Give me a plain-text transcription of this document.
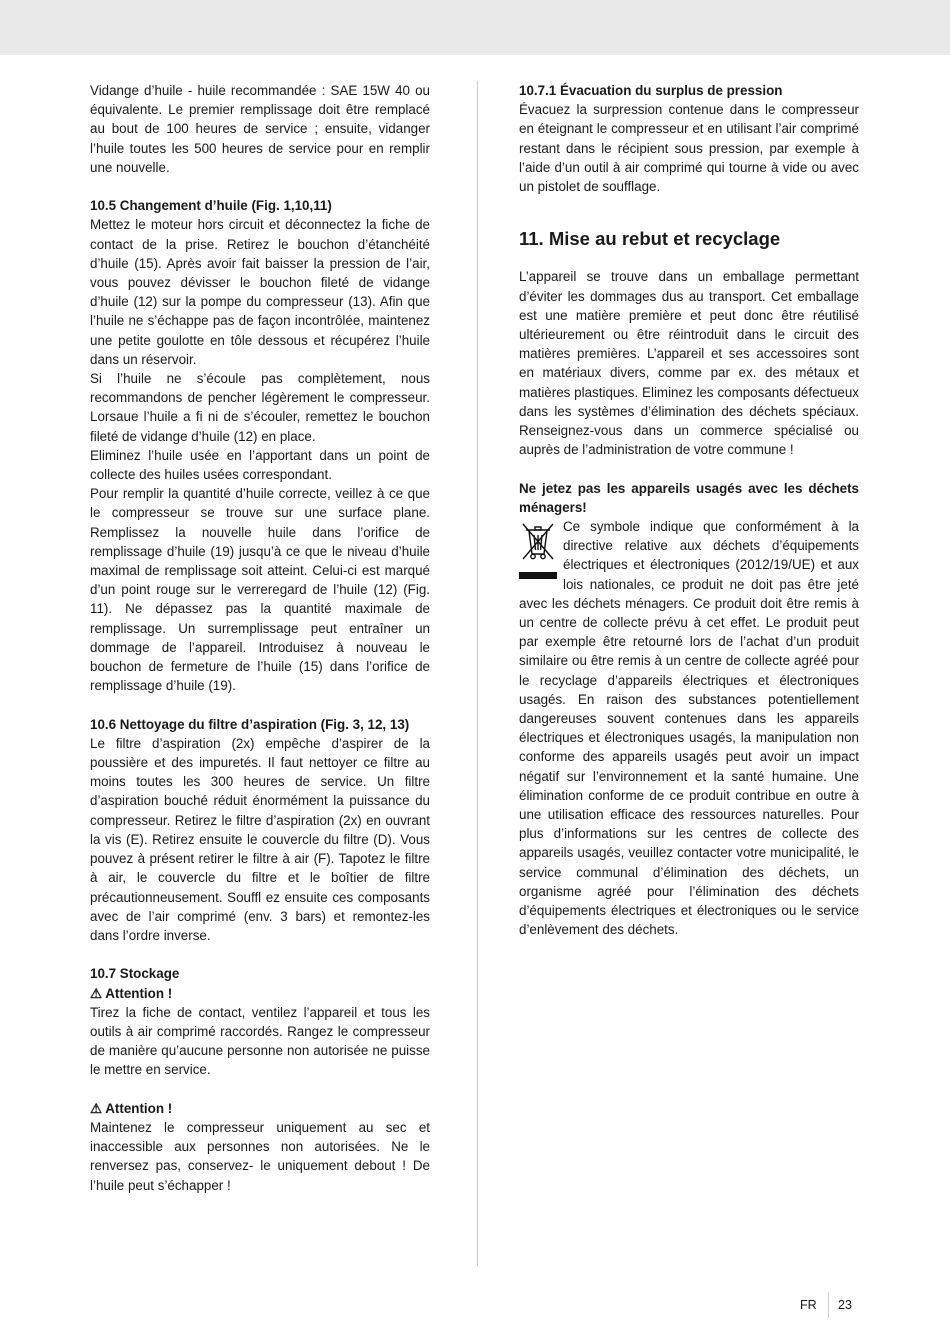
Vidange d’huile - huile recommandée : SAE 15W 40 ou équivalente. Le premier remplissage doit être remplacé au bout de 100 heures de service ; ensuite, vidanger l’huile toutes les 500 heures de service pour en remplir une nouvelle.

10.5 Changement d’huile (Fig. 1,10,11)

Mettez le moteur hors circuit et déconnectez la fiche de contact de la prise. Retirez le bouchon d’étanchéité d’huile (15). Après avoir fait baisser la pression de l’air, vous pouvez dévisser le bouchon fileté de vidange d’huile (12) sur la pompe du compresseur (13). Afin que l’huile ne s’échappe pas de façon incontrôlée, maintenez une petite goulotte en tôle dessous et récupérez l’huile dans un réservoir.

Si l’huile ne s’écoule pas complètement, nous recommandons de pencher légèrement le compresseur. Lorsaue l’huile a fi ni de s’écouler, remettez le bouchon fileté de vidange d’huile (12) en place.

Eliminez l’huile usée en l’apportant dans un point de collecte des huiles usées correspondant.

Pour remplir la quantité d’huile correcte, veillez à ce que le compresseur se trouve sur une surface plane. Remplissez la nouvelle huile dans l’orifice de remplissage d’huile (19) jusqu’à ce que le niveau d’huile maximal de remplissage soit atteint. Celui-ci est marqué d’un point rouge sur le verreregard de l’huile (12) (Fig. 11). Ne dépassez pas la quantité maximale de remplissage. Un surremplissage peut entraîner un dommage de l’appareil. Introduisez à nouveau le bouchon de fermeture de l’huile (15) dans l’orifice de remplissage d’huile (19).

10.6 Nettoyage du filtre d’aspiration (Fig. 3, 12, 13)

Le filtre d’aspiration (2x) empêche d’aspirer de la poussière et des impuretés. Il faut nettoyer ce filtre au moins toutes les 300 heures de service. Un filtre d’aspiration bouché réduit énormément la puissance du compresseur. Retirez le filtre d’aspiration (2x) en ouvrant la vis (E). Retirez ensuite le couvercle du filtre (D). Vous pouvez à présent retirer le filtre à air (F). Tapotez le filtre à air, le couvercle du filtre et le boîtier de filtre précautionneusement. Souffl ez ensuite ces composants avec de l’air comprimé (env. 3 bars) et remontez-les dans l’ordre inverse.

10.7 Stockage

⚠ Attention !

Tirez la fiche de contact, ventilez l’appareil et tous les outils à air comprimé raccordés. Rangez le compresseur de manière qu’aucune personne non autorisée ne puisse le mettre en service.

⚠ Attention !

Maintenez le compresseur uniquement au sec et inaccessible aux personnes non autorisées. Ne le renversez pas, conservez- le uniquement debout ! De l’huile peut s’échapper !

10.7.1 Évacuation du surplus de pression

Évacuez la surpression contenue dans le compresseur en éteignant le compresseur et en utilisant l’air comprimé restant dans le récipient sous pression, par exemple à l’aide d’un outil à air comprimé qui tourne à vide ou avec un pistolet de soufflage.

11. Mise au rebut et recyclage

L’appareil se trouve dans un emballage permettant d’éviter les dommages dus au transport. Cet emballage est une matière première et peut donc être réutilisé ultérieurement ou être réintroduit dans le circuit des matières premières. L’appareil et ses accessoires sont en matériaux divers, comme par ex. des métaux et matières plastiques. Eliminez les composants défectueux dans les systèmes d’élimination des déchets spéciaux. Renseignez-vous dans un commerce spécialisé ou auprès de l’administration de votre commune !

Ne jetez pas les appareils usagés avec les déchets ménagers!

Ce symbole indique que conformément à la directive relative aux déchets d’équipements électriques et électroniques (2012/19/UE) et aux lois nationales, ce produit ne doit pas être jeté avec les déchets ménagers. Ce produit doit être remis à un centre de collecte prévu à cet effet. Le produit peut par exemple être retourné lors de l’achat d’un produit similaire ou être remis à un centre de collecte agréé pour le recyclage d’appareils électriques et électroniques usagés. En raison des substances potentiellement dangereuses souvent contenues dans les appareils électriques et électroniques usagés, la manipulation non conforme des appareils usagés peut avoir un impact négatif sur l’environnement et la santé humaine. Une élimination conforme de ce produit contribue en outre à une utilisation efficace des ressources naturelles. Pour plus d’informations sur les centres de collecte des appareils usagés, veuillez contacter votre municipalité, le service communal d’élimination des déchets, un organisme agréé pour l’élimination des déchets d’équipements électriques et électroniques ou le service d’enlèvement des déchets.

FR 23
